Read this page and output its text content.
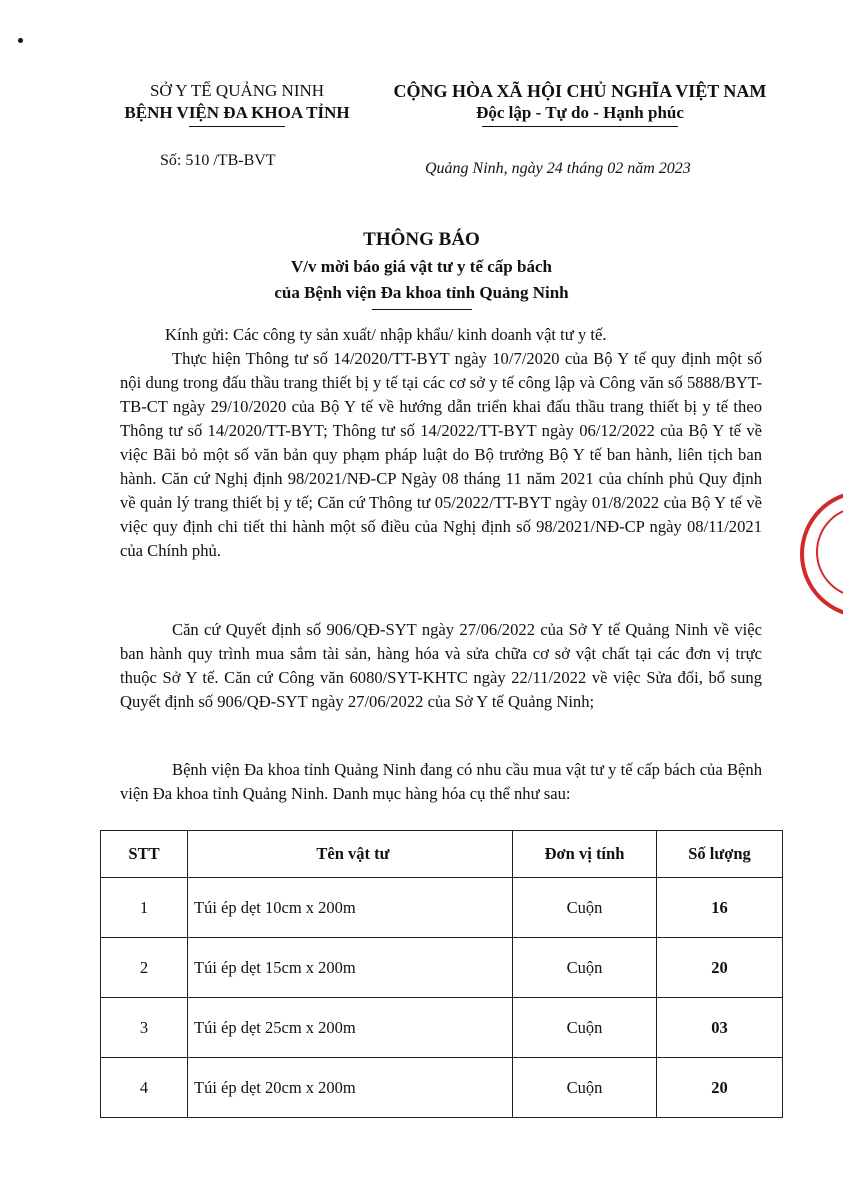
SỞ Y TẾ QUẢNG NINH
BỆNH VIỆN ĐA KHOA TỈNH
CỘNG HÒA XÃ HỘI CHỦ NGHĨA VIỆT NAM
Độc lập - Tự do - Hạnh phúc
Số: 510 /TB-BVT	Quảng Ninh, ngày 24 tháng 02 năm 2023
THÔNG BÁO
V/v mời báo giá vật tư y tế cấp bách
của Bệnh viện Đa khoa tỉnh Quảng Ninh
Kính gửi: Các công ty sản xuất/ nhập khẩu/ kinh doanh vật tư y tế.
Thực hiện Thông tư số 14/2020/TT-BYT ngày 10/7/2020 của Bộ Y tế quy định một số nội dung trong đấu thầu trang thiết bị y tế tại các cơ sở y tế công lập và Công văn số 5888/BYT-TB-CT ngày 29/10/2020 của Bộ Y tế về hướng dẫn triển khai đấu thầu trang thiết bị y tế theo Thông tư số 14/2020/TT-BYT; Thông tư số 14/2022/TT-BYT ngày 06/12/2022 của Bộ Y tế về việc Bãi bỏ một số văn bản quy phạm pháp luật do Bộ trưởng Bộ Y tế ban hành, liên tịch ban hành. Căn cứ Nghị định 98/2021/NĐ-CP Ngày 08 tháng 11 năm 2021 của chính phủ Quy định về quản lý trang thiết bị y tế; Căn cứ Thông tư 05/2022/TT-BYT ngày 01/8/2022 của Bộ Y tế về việc quy định chi tiết thi hành một số điều của Nghị định số 98/2021/NĐ-CP ngày 08/11/2021 của Chính phủ.
Căn cứ Quyết định số 906/QĐ-SYT ngày 27/06/2022 của Sở Y tế Quảng Ninh về việc ban hành quy trình mua sắm tài sản, hàng hóa và sửa chữa cơ sở vật chất tại các đơn vị trực thuộc Sở Y tế. Căn cứ Công văn 6080/SYT-KHTC ngày 22/11/2022 về việc Sửa đổi, bổ sung Quyết định số 906/QĐ-SYT ngày 27/06/2022 của Sở Y tế Quảng Ninh;
Bệnh viện Đa khoa tỉnh Quảng Ninh đang có nhu cầu mua vật tư y tế cấp bách của Bệnh viện Đa khoa tỉnh Quảng Ninh. Danh mục hàng hóa cụ thể như sau:
STT	Tên vật tư	Đơn vị tính	Số lượng
1	Túi ép dẹt 10cm x 200m	Cuộn	16
2	Túi ép dẹt 15cm x 200m	Cuộn	20
3	Túi ép dẹt 25cm x 200m	Cuộn	03
4	Túi ép dẹt 20cm x 200m	Cuộn	20
